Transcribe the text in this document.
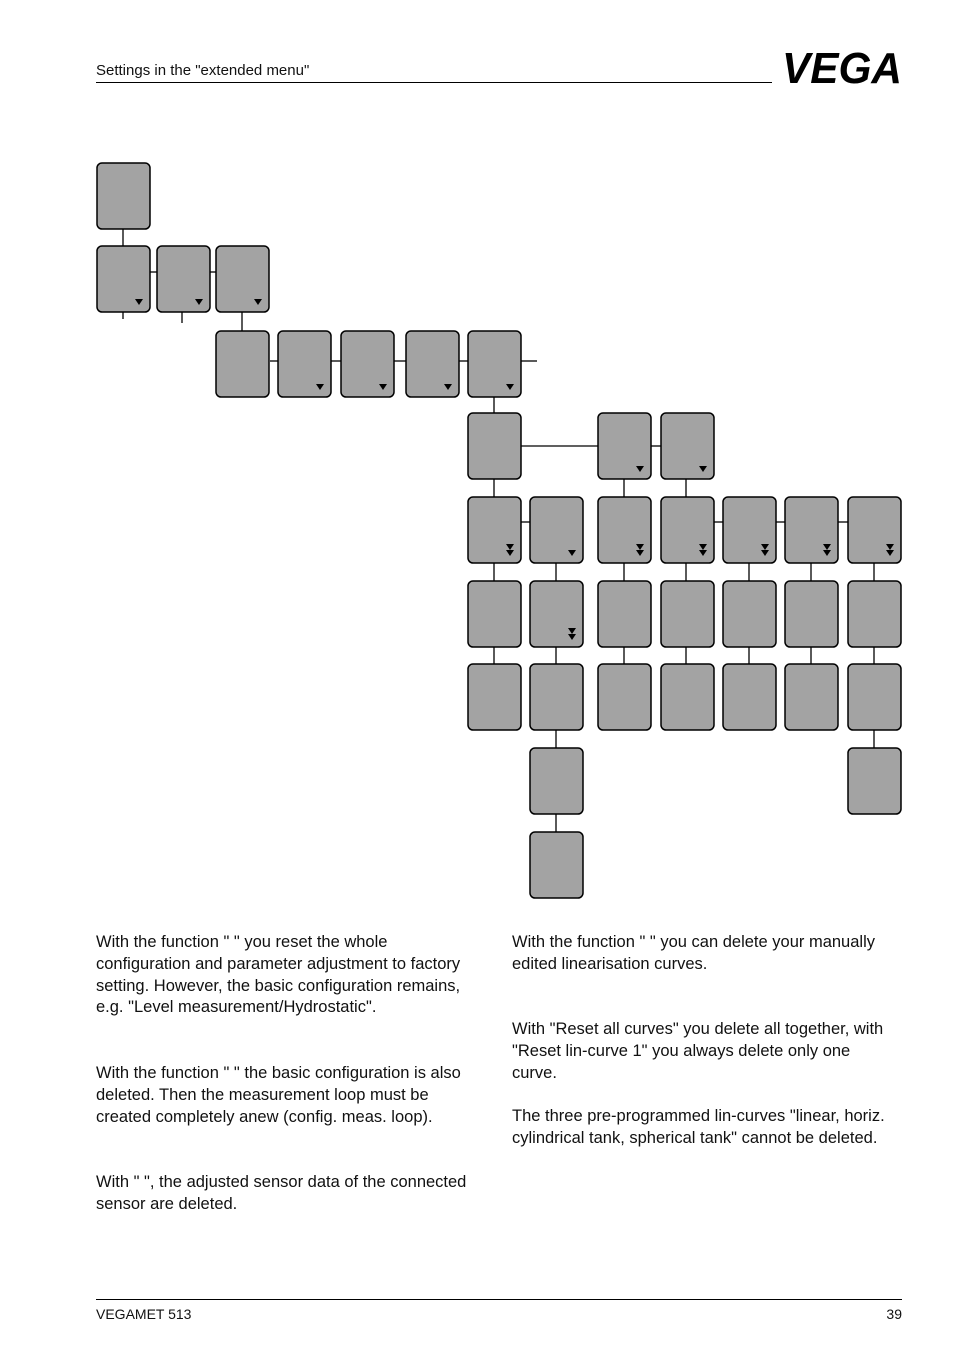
Settings in the "extended menu"	VEGA

With the function " " you reset the whole configuration and parameter adjustment to factory setting. However, the basic configuration remains, e.g. "Level measurement/Hydrostatic".

With the function " " the basic configuration is also deleted. Then the measurement loop must be created completely anew (config. meas. loop).

With " ", the adjusted sensor data of the connected sensor are deleted.

With the function " " you can delete your manually edited linearisation curves.

With "Reset all curves" you delete all together, with "Reset lin-curve 1" you always delete only one curve.

The three pre-programmed lin-curves "linear, horiz. cylindrical tank, spherical tank" cannot be deleted.

VEGAMET 513	39
